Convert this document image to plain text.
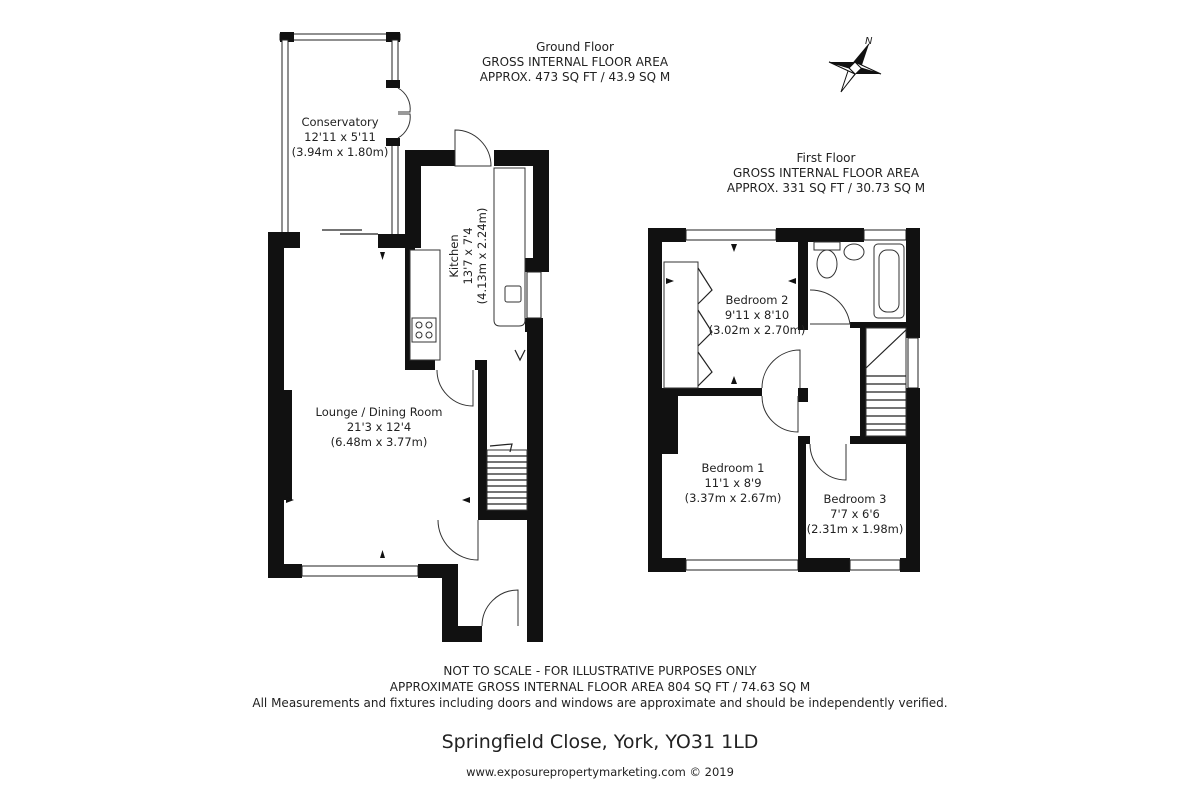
N
Ground Floor
GROSS INTERNAL FLOOR AREA
APPROX. 473 SQ FT / 43.9 SQ M
First Floor
GROSS INTERNAL FLOOR AREA
APPROX. 331 SQ FT / 30.73 SQ M
Conservatory
12'11 x 5'11
(3.94m x 1.80m)
Kitchen 13'7 x 7'4 (4.13m x 2.24m)
Lounge / Dining Room
21'3 x 12'4
(6.48m x 3.77m)
Bedroom 2
9'11 x 8'10
(3.02m x 2.70m)
Bedroom 1
11'1 x 8'9
(3.37m x 2.67m)	Bedroom 3
7'7 x 6'6
(2.31m x 1.98m)
NOT TO SCALE - FOR ILLUSTRATIVE PURPOSES ONLY
APPROXIMATE GROSS INTERNAL FLOOR AREA 804 SQ FT / 74.63 SQ M
All Measurements and fixtures including doors and windows are approximate and should be independently verified.
Springfield Close, York, YO31 1LD
www.exposurepropertymarketing.com © 2019
